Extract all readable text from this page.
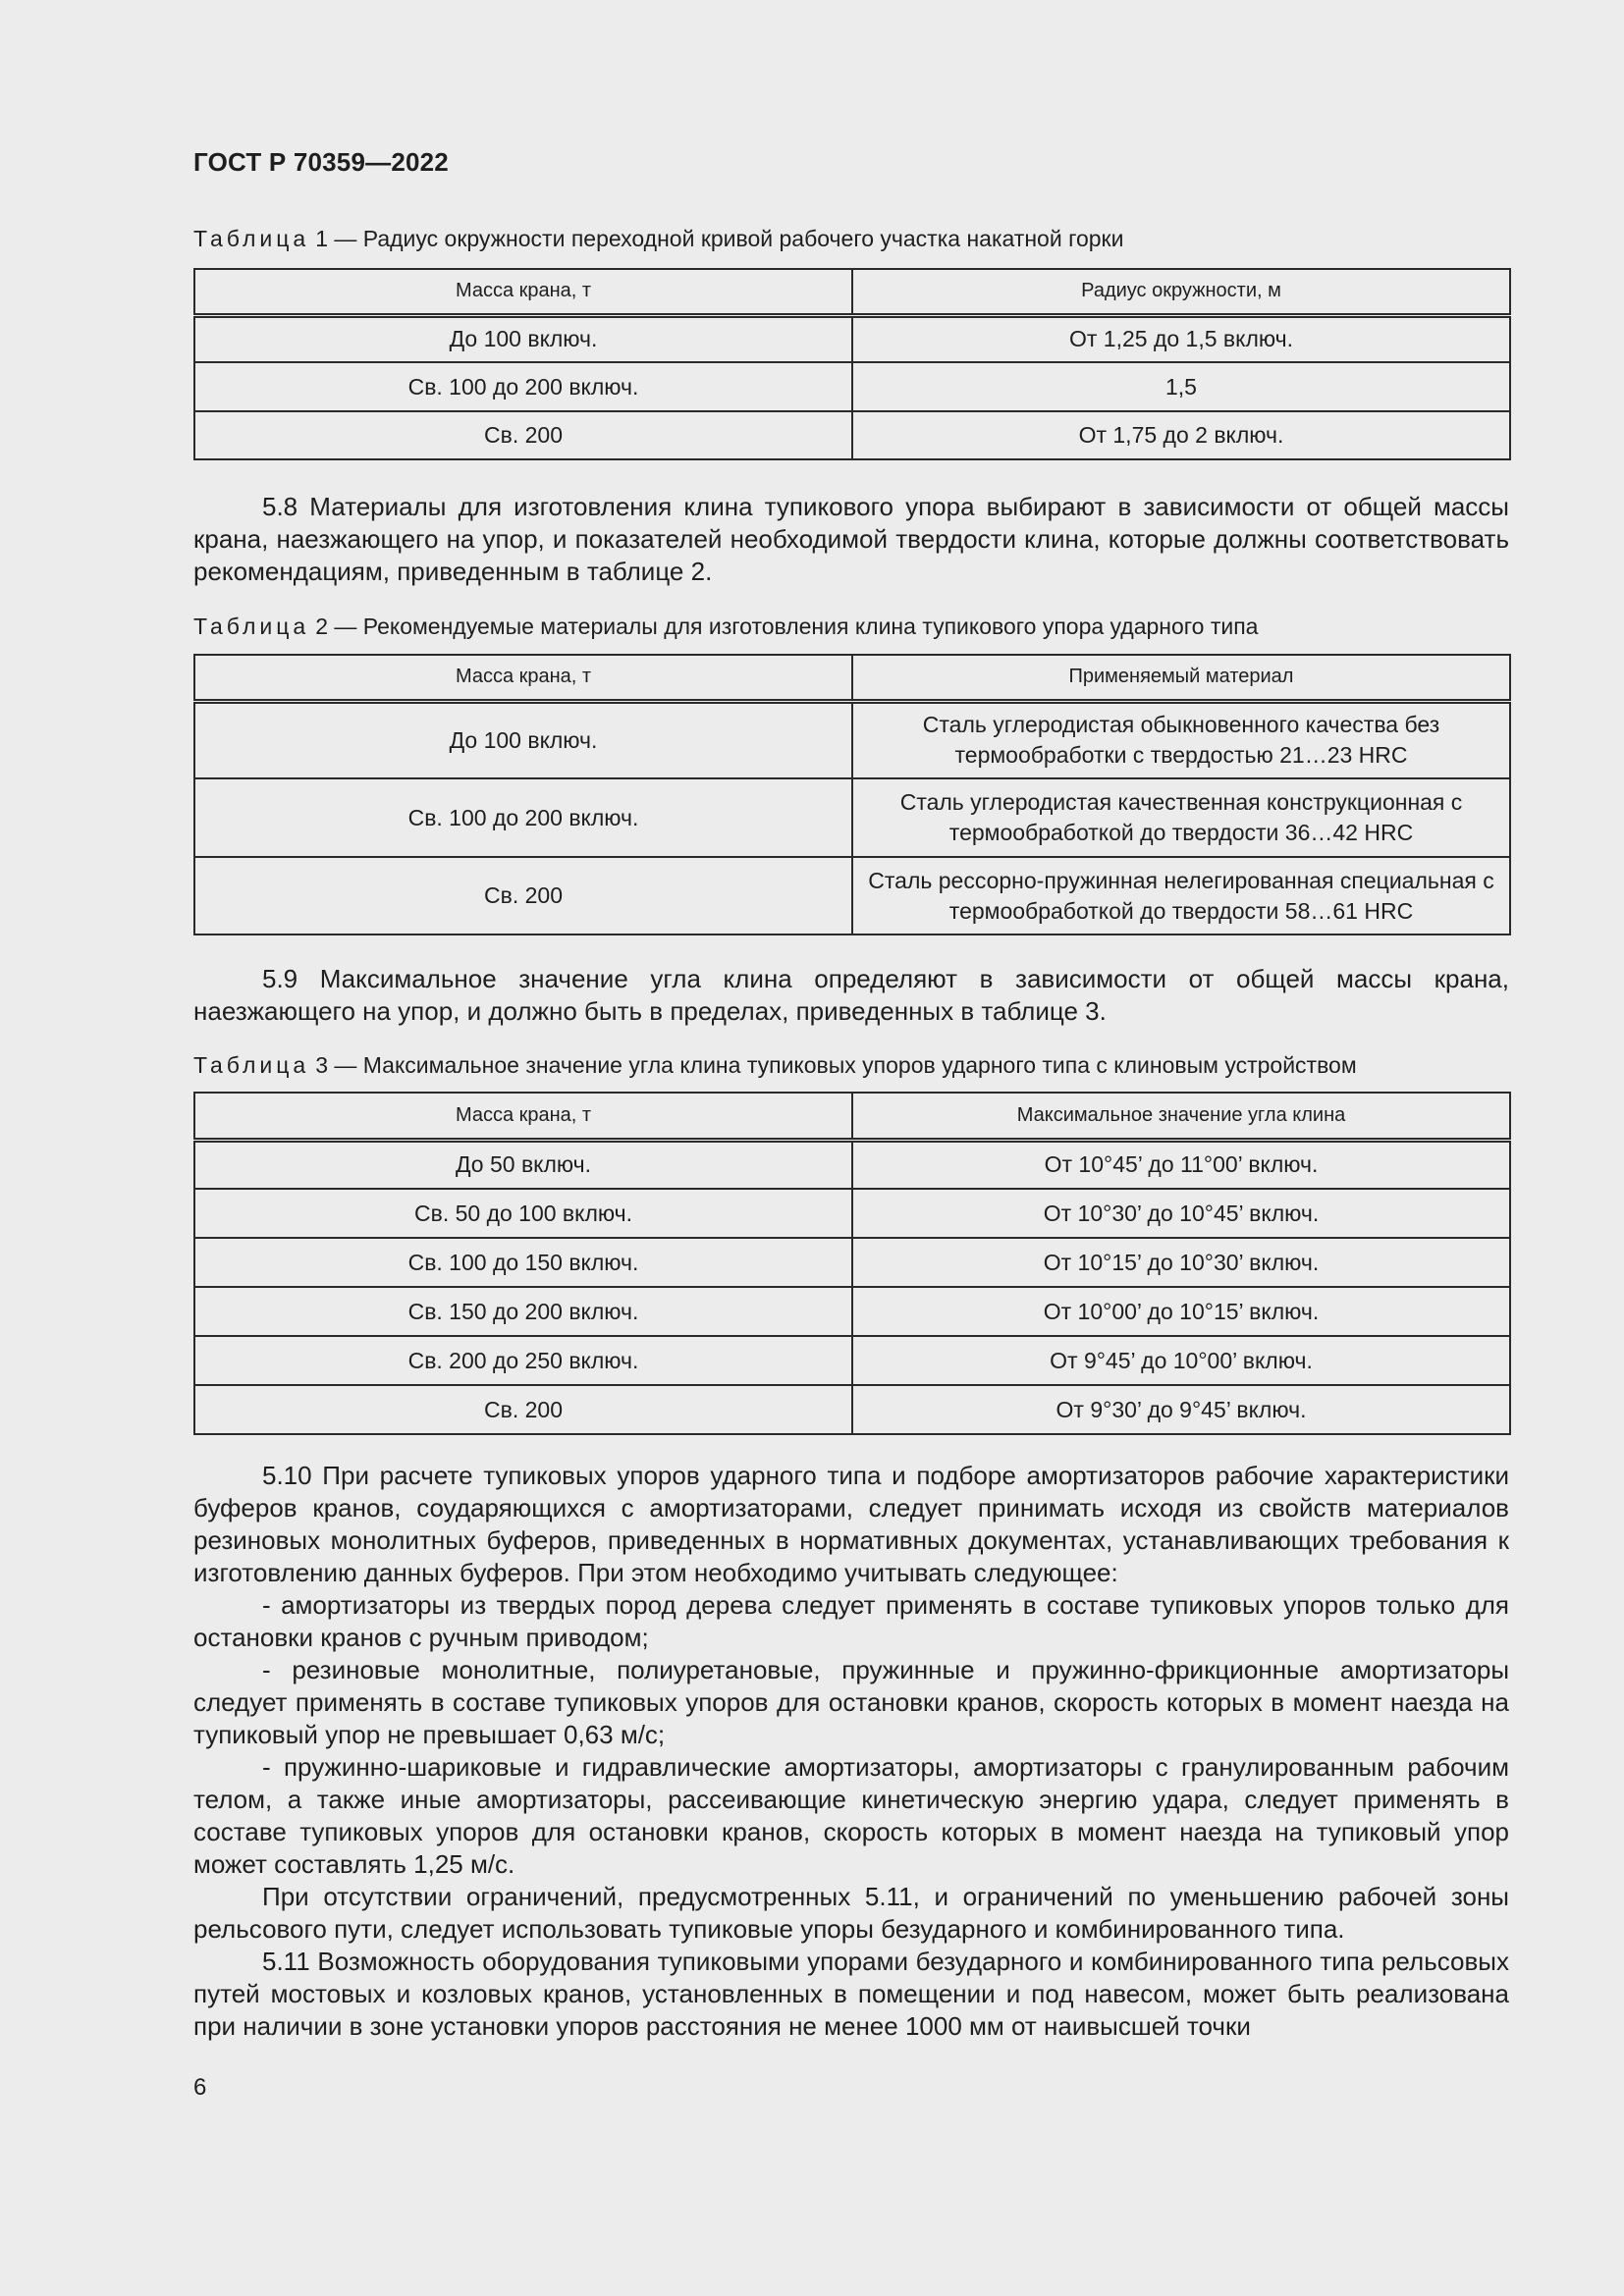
ГОСТ Р 70359—2022
Таблица 1 — Радиус окружности переходной кривой рабочего участка накатной горки
Масса крана, т	Радиус окружности, м
До 100 включ.	От 1,25 до 1,5 включ.
Св. 100 до 200 включ.	1,5
Св. 200	От 1,75 до 2 включ.

5.8 Материалы для изготовления клина тупикового упора выбирают в зависимости от общей массы крана, наезжающего на упор, и показателей необходимой твердости клина, которые должны соответствовать рекомендациям, приведенным в таблице 2.

Таблица 2 — Рекомендуемые материалы для изготовления клина тупикового упора ударного типа
Масса крана, т	Применяемый материал
До 100 включ.	Сталь углеродистая обыкновенного качества без термообработки с твердостью 21…23 HRC
Св. 100 до 200 включ.	Сталь углеродистая качественная конструкционная с термообработкой до твердости 36…42 HRC
Св. 200	Сталь рессорно-пружинная нелегированная специальная с термообработкой до твердости 58…61 HRC

5.9 Максимальное значение угла клина определяют в зависимости от общей массы крана, наезжающего на упор, и должно быть в пределах, приведенных в таблице 3.

Таблица 3 — Максимальное значение угла клина тупиковых упоров ударного типа с клиновым устройством
Масса крана, т	Максимальное значение угла клина
До 50 включ.	От 10°45’ до 11°00’ включ.
Св. 50 до 100 включ.	От 10°30’ до 10°45’ включ.
Св. 100 до 150 включ.	От 10°15’ до 10°30’ включ.
Св. 150 до 200 включ.	От 10°00’ до 10°15’ включ.
Св. 200 до 250 включ.	От 9°45’ до 10°00’ включ.
Св. 200	От 9°30’ до 9°45’ включ.

5.10 При расчете тупиковых упоров ударного типа и подборе амортизаторов рабочие характеристики буферов кранов, соударяющихся с амортизаторами, следует принимать исходя из свойств материалов резиновых монолитных буферов, приведенных в нормативных документах, устанавливающих требования к изготовлению данных буферов. При этом необходимо учитывать следующее:

- амортизаторы из твердых пород дерева следует применять в составе тупиковых упоров только для остановки кранов с ручным приводом;

- резиновые монолитные, полиуретановые, пружинные и пружинно-фрикционные амортизаторы следует применять в составе тупиковых упоров для остановки кранов, скорость которых в момент наезда на тупиковый упор не превышает 0,63 м/с;

- пружинно-шариковые и гидравлические амортизаторы, амортизаторы с гранулированным рабочим телом, а также иные амортизаторы, рассеивающие кинетическую энергию удара, следует применять в составе тупиковых упоров для остановки кранов, скорость которых в момент наезда на тупиковый упор может составлять 1,25 м/с.

При отсутствии ограничений, предусмотренных 5.11, и ограничений по уменьшению рабочей зоны рельсового пути, следует использовать тупиковые упоры безударного и комбинированного типа.

5.11 Возможность оборудования тупиковыми упорами безударного и комбинированного типа рельсовых путей мостовых и козловых кранов, установленных в помещении и под навесом, может быть реализована при наличии в зоне установки упоров расстояния не менее 1000 мм от наивысшей точки

6
